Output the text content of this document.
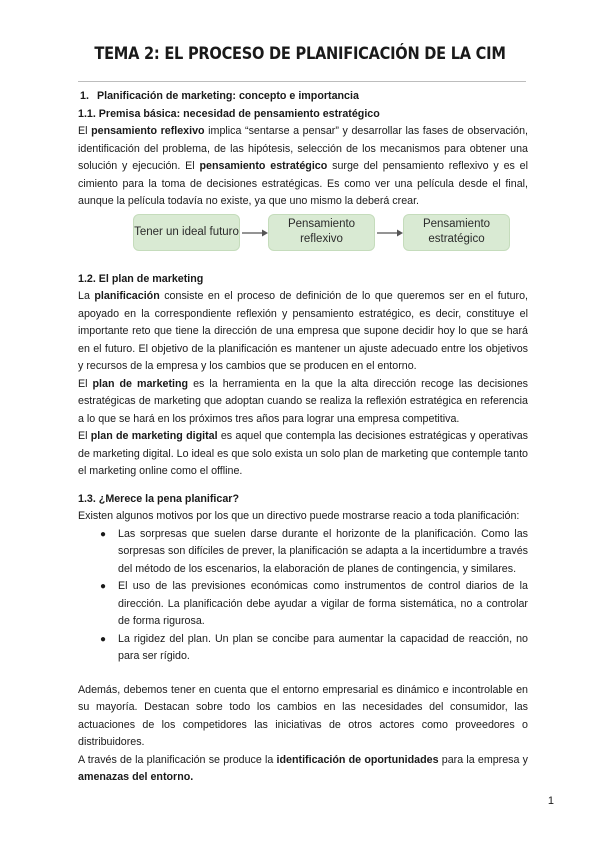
TEMA 2: EL PROCESO DE PLANIFICACIÓN DE LA CIM
1. Planificación de marketing: concepto e importancia
1.1. Premisa básica: necesidad de pensamiento estratégico

El pensamiento reflexivo implica “sentarse a pensar” y desarrollar las fases de observación, identificación del problema, de las hipótesis, selección de los mecanismos para obtener una solución y ejecución. El pensamiento estratégico surge del pensamiento reflexivo y es el cimiento para la toma de decisiones estratégicas. Es como ver una película desde el final, aunque la película todavía no existe, ya que uno mismo la deberá crear.

Tener un ideal futuro
Pensamiento reflexivo
Pensamiento estratégico
1.2. El plan de marketing

La planificación consiste en el proceso de definición de lo que queremos ser en el futuro, apoyado en la correspondiente reflexión y pensamiento estratégico, es decir, constituye el importante reto que tiene la dirección de una empresa que supone decidir hoy lo que se hará en el futuro. El objetivo de la planificación es mantener un ajuste adecuado entre los objetivos y recursos de la empresa y los cambios que se producen en el entorno.

El plan de marketing es la herramienta en la que la alta dirección recoge las decisiones estratégicas de marketing que adoptan cuando se realiza la reflexión estratégica en referencia a lo que se hará en los próximos tres años para lograr una empresa competitiva.

El plan de marketing digital es aquel que contempla las decisiones estratégicas y operativas de marketing digital. Lo ideal es que solo exista un solo plan de marketing que contemple tanto el marketing online como el offline.

1.3. ¿Merece la pena planificar?

Existen algunos motivos por los que un directivo puede mostrarse reacio a toda planificación:

● Las sorpresas que suelen darse durante el horizonte de la planificación. Como las sorpresas son difíciles de prever, la planificación se adapta a la incertidumbre a través del método de los escenarios, la elaboración de planes de contingencia, y similares.
● El uso de las previsiones económicas como instrumentos de control diarios de la dirección. La planificación debe ayudar a vigilar de forma sistemática, no a controlar de forma rigurosa.
● La rigidez del plan. Un plan se concibe para aumentar la capacidad de reacción, no para ser rígido.

Además, debemos tener en cuenta que el entorno empresarial es dinámico e incontrolable en su mayoría. Destacan sobre todo los cambios en las necesidades del consumidor, las actuaciones de los competidores las iniciativas de otros actores como proveedores o distribuidores.

A través de la planificación se produce la identificación de oportunidades para la empresa y amenazas del entorno.

1
